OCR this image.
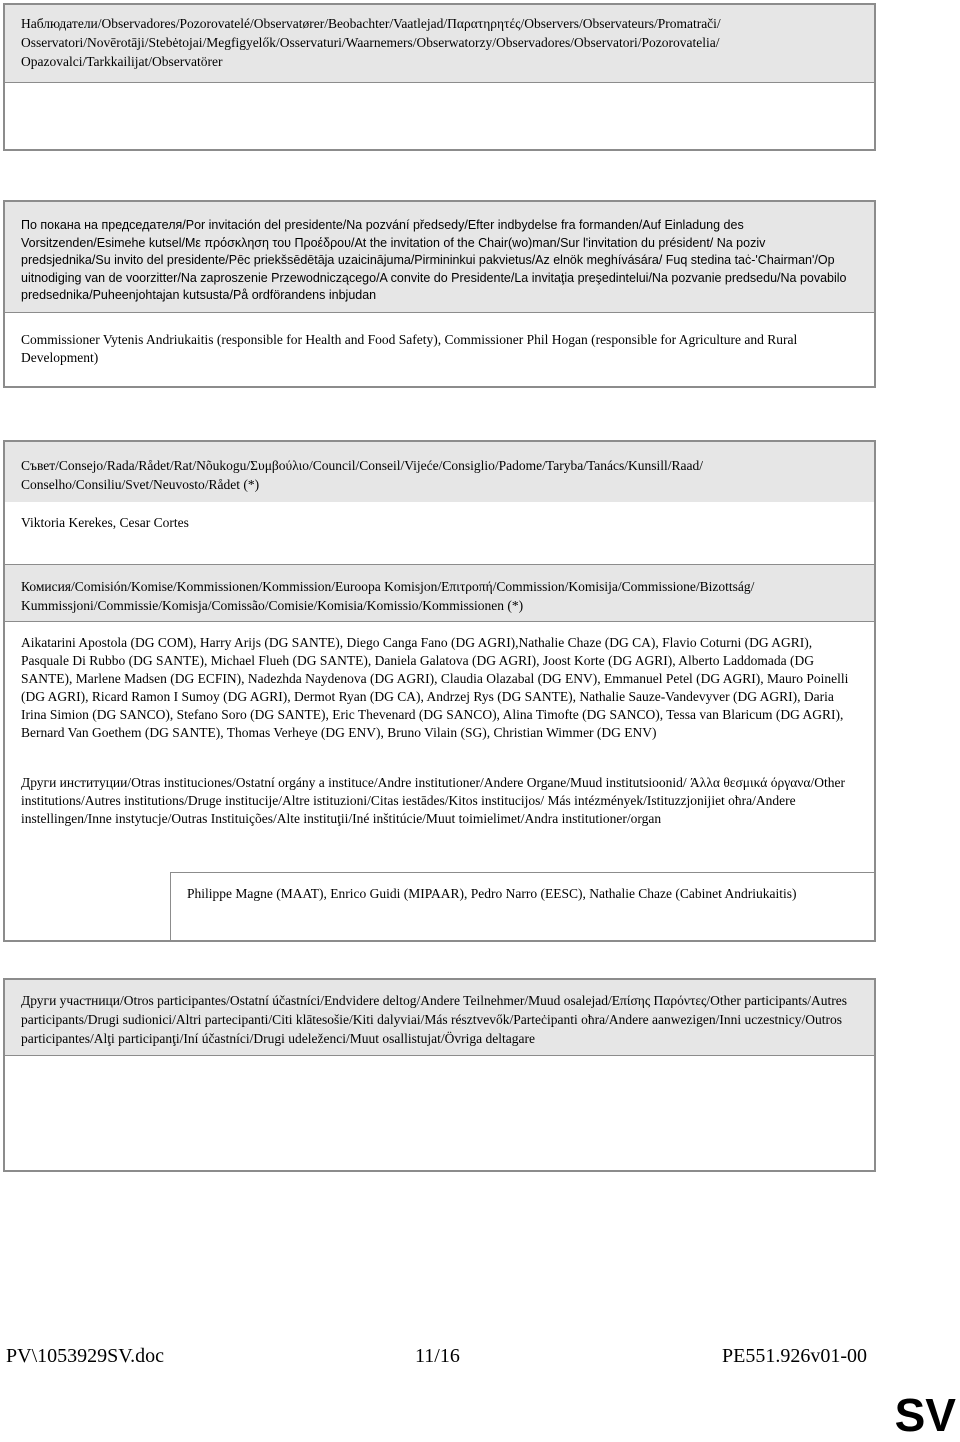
Наблюдатели/Observadores/Pozorovatelé/Observatører/Beobachter/Vaatlejad/Παρατηρητές/Observers/Observateurs/Promatrači/ Osservatori/Novērotāji/Stebėtojai/Megfigyelők/Osservaturi/Waarnemers/Obserwatorzy/Observadores/Observatori/Pozorovatelia/ Opazovalci/Tarkkailijat/Observatörer
По покана на председателя/Por invitación del presidente/Na pozvání předsedy/Efter indbydelse fra formanden/Auf Einladung des Vorsitzenden/Esimehe kutsel/Με πρόσκληση του Προέδρου/At the invitation of the Chair(wo)man/Sur l'invitation du président/ Na poziv predsjednika/Su invito del presidente/Pēc priekšsēdētāja uzaicinājuma/Pirmininkui pakvietus/Az elnök meghívására/ Fuq stedina taċ-'Chairman'/Op uitnodiging van de voorzitter/Na zaproszenie Przewodniczącego/A convite do Presidente/La invitaţia preşedintelui/Na pozvanie predsedu/Na povabilo predsednika/Puheenjohtajan kutsusta/På ordförandens inbjudan
Commissioner Vytenis Andriukaitis (responsible for Health and Food Safety), Commissioner Phil Hogan (responsible for Agriculture and Rural Development)
Съвет/Consejo/Rada/Rådet/Rat/Nõukogu/Συμβούλιο/Council/Conseil/Vijeće/Consiglio/Padome/Taryba/Tanács/Kunsill/Raad/ Conselho/Consiliu/Svet/Neuvosto/Rådet (*)
Viktoria Kerekes, Cesar Cortes
Комисия/Comisión/Komise/Kommissionen/Kommission/Euroopa Komisjon/Επιτροπή/Commission/Komisija/Commissione/Bizottság/ Kummissjoni/Commissie/Komisja/Comissão/Comisie/Komisia/Komissio/Kommissionen (*)
Aikatarini Apostola (DG COM), Harry Arijs (DG SANTE), Diego Canga Fano (DG AGRI),Nathalie Chaze (DG CA), Flavio Coturni (DG AGRI), Pasquale Di Rubbo (DG SANTE), Michael Flueh (DG SANTE), Daniela Galatova (DG AGRI), Joost Korte (DG AGRI), Alberto Laddomada (DG SANTE), Marlene Madsen (DG ECFIN), Nadezhda Naydenova (DG AGRI), Claudia Olazabal (DG ENV), Emmanuel Petel (DG AGRI), Mauro Poinelli (DG AGRI), Ricard Ramon I Sumoy (DG AGRI), Dermot Ryan (DG CA), Andrzej Rys (DG SANTE), Nathalie Sauze-Vandevyver (DG AGRI), Daria Irina Simion (DG SANCO), Stefano Soro (DG SANTE), Eric Thevenard (DG SANCO), Alina Timofte (DG SANCO), Tessa van Blaricum (DG AGRI), Bernard Van Goethem (DG SANTE), Thomas Verheye (DG ENV), Bruno Vilain (SG), Christian Wimmer (DG ENV)
Други институции/Otras instituciones/Ostatní orgány a instituce/Andre institutioner/Andere Organe/Muud institutsioonid/ Άλλα θεσμικά όργανα/Other institutions/Autres institutions/Druge institucije/Altre istituzioni/Citas iestādes/Kitos institucijos/ Más intézmények/Istituzzjonijiet oħra/Andere instellingen/Inne instytucje/Outras Instituições/Alte instituţii/Iné inštitúcie/Muut toimielimet/Andra institutioner/organ
Philippe Magne (MAAT), Enrico Guidi (MIPAAR), Pedro Narro (EESC), Nathalie Chaze (Cabinet Andriukaitis)
Други участници/Otros participantes/Ostatní účastníci/Endvidere deltog/Andere Teilnehmer/Muud osalejad/Επίσης Παρόντες/Other participants/Autres participants/Drugi sudionici/Altri partecipanti/Citi klātesošie/Kiti dalyviai/Más résztvevők/Parteċipanti oħra/Andere aanwezigen/Inni uczestnicy/Outros participantes/Alţi participanţi/Iní účastníci/Drugi udeleženci/Muut osallistujat/Övriga deltagare
PV\1053929SV.doc	11/16	PE551.926v01-00
SV
